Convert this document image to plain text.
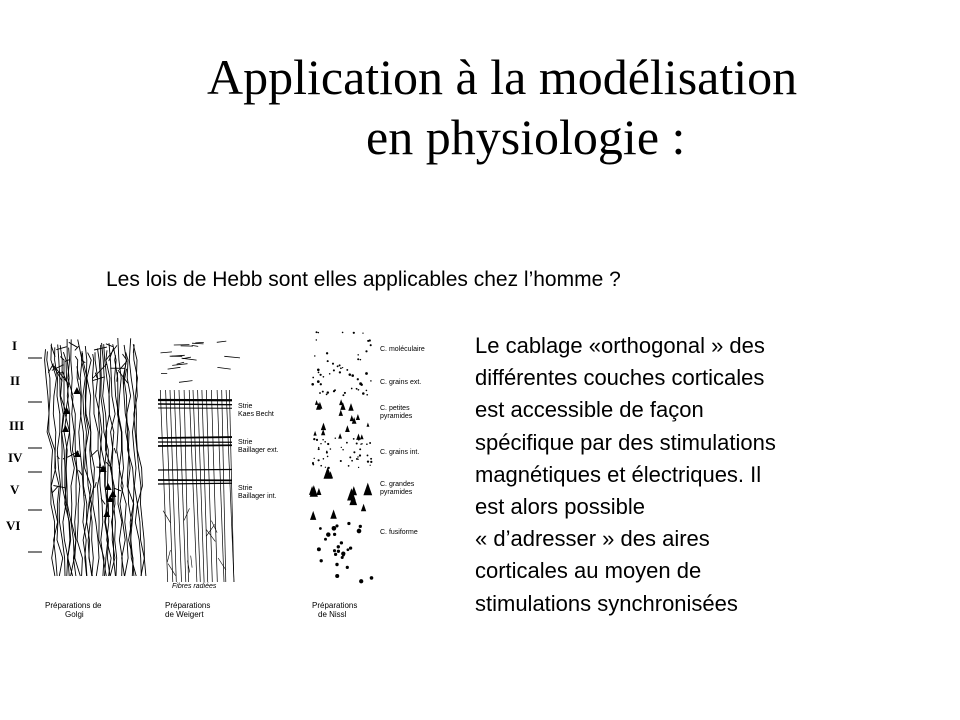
Application à la modélisation
en physiologie :
Les lois de Hebb sont elles applicables chez l’homme ?
Le cablage «orthogonal » des
différentes couches corticales
est accessible de façon
spécifique par des stimulations
magnétiques et électriques. Il
est alors possible
« d’adresser » des aires
corticales au moyen de
stimulations synchronisées
I
II
III
IV
V
VI
Strie
Kaes Becht
Strie
Baillager ext.
Strie
Baillager int.
Fibres radiées
C. moléculaire
C. grains ext.
C. petites
pyramides
C. grains int.
C. grandes
pyramides
C. fusiforme
Préparations de
Golgi
Préparations
de Weigert
Préparations
de Nissl
